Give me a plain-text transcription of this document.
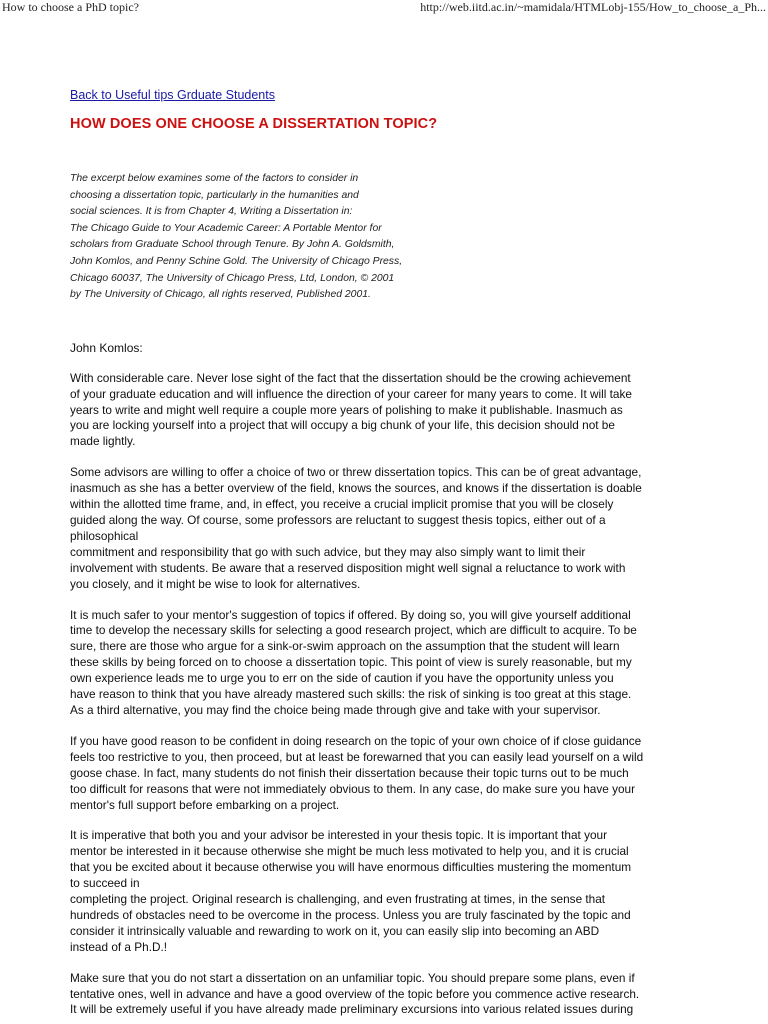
How to choose a PhD topic?	http://web.iitd.ac.in/~mamidala/HTMLobj-155/How_to_choose_a_Ph...
Back to Useful tips Grduate Students
HOW DOES ONE CHOOSE A DISSERTATION TOPIC?
The excerpt below examines some of the factors to consider in
choosing a dissertation topic, particularly in the humanities and
social sciences. It is from Chapter 4, Writing a Dissertation in:
The Chicago Guide to Your Academic Career: A Portable Mentor for
scholars from Graduate School through Tenure. By John A. Goldsmith,
John Komlos, and Penny Schine Gold. The University of Chicago Press,
Chicago 60037, The University of Chicago Press, Ltd, London, © 2001
by The University of Chicago, all rights reserved, Published 2001.

John Komlos:

With considerable care. Never lose sight of the fact that the dissertation should be the crowing achievement
of your graduate education and will influence the direction of your career for many years to come. It will take
years to write and might well require a couple more years of polishing to make it publishable. Inasmuch as
you are locking yourself into a project that will occupy a big chunk of your life, this decision should not be
made lightly.
Some advisors are willing to offer a choice of two or threw dissertation topics. This can be of great advantage,
inasmuch as she has a better overview of the field, knows the sources, and knows if the dissertation is doable
within the allotted time frame, and, in effect, you receive a crucial implicit promise that you will be closely
guided along the way. Of course, some professors are reluctant to suggest thesis topics, either out of a
philosophical
commitment and responsibility that go with such advice, but they may also simply want to limit their
involvement with students. Be aware that a reserved disposition might well signal a reluctance to work with
you closely, and it might be wise to look for alternatives.
It is much safer to your mentor's suggestion of topics if offered. By doing so, you will give yourself additional
time to develop the necessary skills for selecting a good research project, which are difficult to acquire. To be
sure, there are those who argue for a sink-or-swim approach on the assumption that the student will learn
these skills by being forced on to choose a dissertation topic. This point of view is surely reasonable, but my
own experience leads me to urge you to err on the side of caution if you have the opportunity unless you
have reason to think that you have already mastered such skills: the risk of sinking is too great at this stage.
As a third alternative, you may find the choice being made through give and take with your supervisor.
If you have good reason to be confident in doing research on the topic of your own choice of if close guidance
feels too restrictive to you, then proceed, but at least be forewarned that you can easily lead yourself on a wild
goose chase. In fact, many students do not finish their dissertation because their topic turns out to be much
too difficult for reasons that were not immediately obvious to them. In any case, do make sure you have your
mentor's full support before embarking on a project.
It is imperative that both you and your advisor be interested in your thesis topic. It is important that your
mentor be interested in it because otherwise she might be much less motivated to help you, and it is crucial
that you be excited about it because otherwise you will have enormous difficulties mustering the momentum
to succeed in
completing the project. Original research is challenging, and even frustrating at times, in the sense that
hundreds of obstacles need to be overcome in the process. Unless you are truly fascinated by the topic and
consider it intrinsically valuable and rewarding to work on it, you can easily slip into becoming an ABD
instead of a Ph.D.!
Make sure that you do not start a dissertation on an unfamiliar topic. You should prepare some plans, even if
tentative ones, well in advance and have a good overview of the topic before you commence active research.
It will be extremely useful if you have already made preliminary excursions into various related issues during
